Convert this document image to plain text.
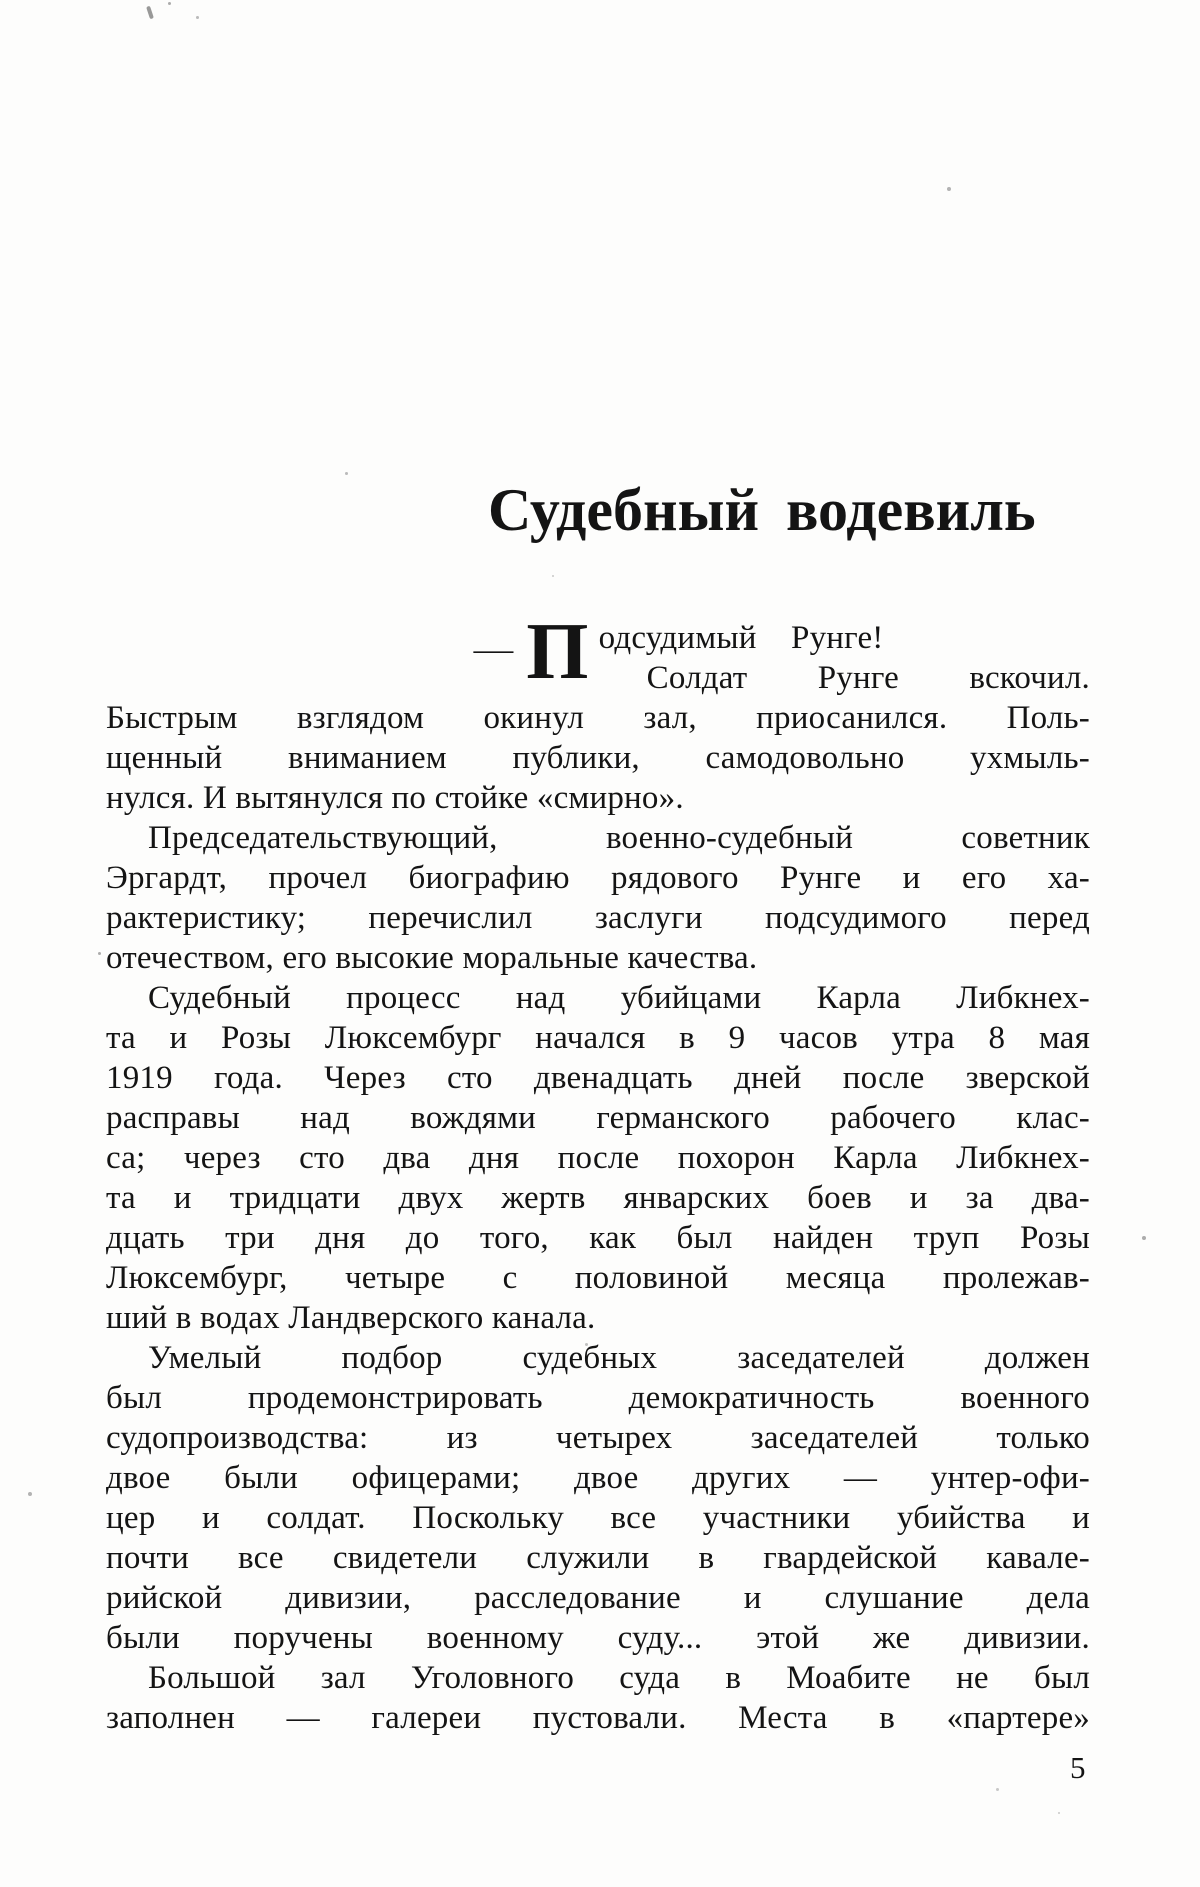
Судебный водевиль
— П одсудимый Рунге!
Солдат Рунге вскочил.
Быстрым взглядом окинул зал, приосанился. Поль-
щенный вниманием публики, самодовольно ухмыль-
нулся. И вытянулся по стойке «смирно».
Председательствующий, военно-судебный советник
Эргардт, прочел биографию рядового Рунге и его ха-
рактеристику; перечислил заслуги подсудимого перед
отечеством, его высокие моральные качества.
Судебный процесс над убийцами Карла Либкнех-
та и Розы Люксембург начался в 9 часов утра 8 мая
1919 года. Через сто двенадцать дней после зверской
расправы над вождями германского рабочего клас-
са; через сто два дня после похорон Карла Либкнех-
та и тридцати двух жертв январских боев и за два-
дцать три дня до того, как был найден труп Розы
Люксембург, четыре с половиной месяца пролежав-
ший в водах Ландверского канала.
Умелый подбор судебных заседателей должен
был продемонстрировать демократичность военного
судопроизводства: из четырех заседателей только
двое были офицерами; двое других — унтер-офи-
цер и солдат. Поскольку все участники убийства и
почти все свидетели служили в гвардейской кавале-
рийской дивизии, расследование и слушание дела
были поручены военному суду... этой же дивизии.
Большой зал Уголовного суда в Моабите не был
заполнен — галереи пустовали. Места в «партере»
5
